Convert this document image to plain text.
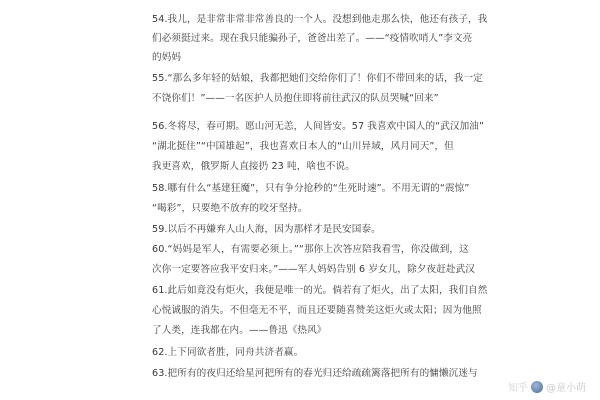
54.我儿，是非常非常非常善良的一个人。没想到他走那么快，他还有孩子，我
们必须挺过来。现在我只能骗孙子，爸爸出差了。——“疫情吹哨人”李文亮
的妈妈
55.“那么多年轻的姑娘，我都把她们交给你们了！你们不带回来的话，我一定
不饶你们！”——一名医护人员抱住即将前往武汉的队员哭喊“回来”
56.冬将尽，春可期。愿山河无恙，人间皆安。57 我喜欢中国人的“武汉加油”
“湖北挺住”“中国雄起”，我也喜欢日本人的“山川异域，风月同天”，但
我更喜欢，俄罗斯人直接扔 23 吨，啥也不说。
58.哪有什么“基建狂魔”，只有争分抢秒的“生死时速”。不用无谓的“震惊”
“喝彩”，只要绝不放弃的咬牙坚持。
59.以后不再嫌弃人山人海，因为那样才是民安国泰。
60.“妈妈是军人，有需要必须上。”“那你上次答应陪我看雪，你没做到，这
次你一定要答应我平安归来。”——军人妈妈告别 6 岁女儿，除夕夜赶赴武汉
61.此后如竟没有炬火，我便是唯一的光。倘若有了炬火，出了太阳，我们自然
心悦诚服的消失。不但毫无不平，而且还要随喜赞美这炬火或太阳；因为他照
了人类，连我都在内。——鲁迅《热风》
62.上下同欲者胜，同舟共济者赢。
63.把所有的夜归还给星河把所有的春光归还给疏疏篱落把所有的慵懒沉迷与
知乎 @童小萌
